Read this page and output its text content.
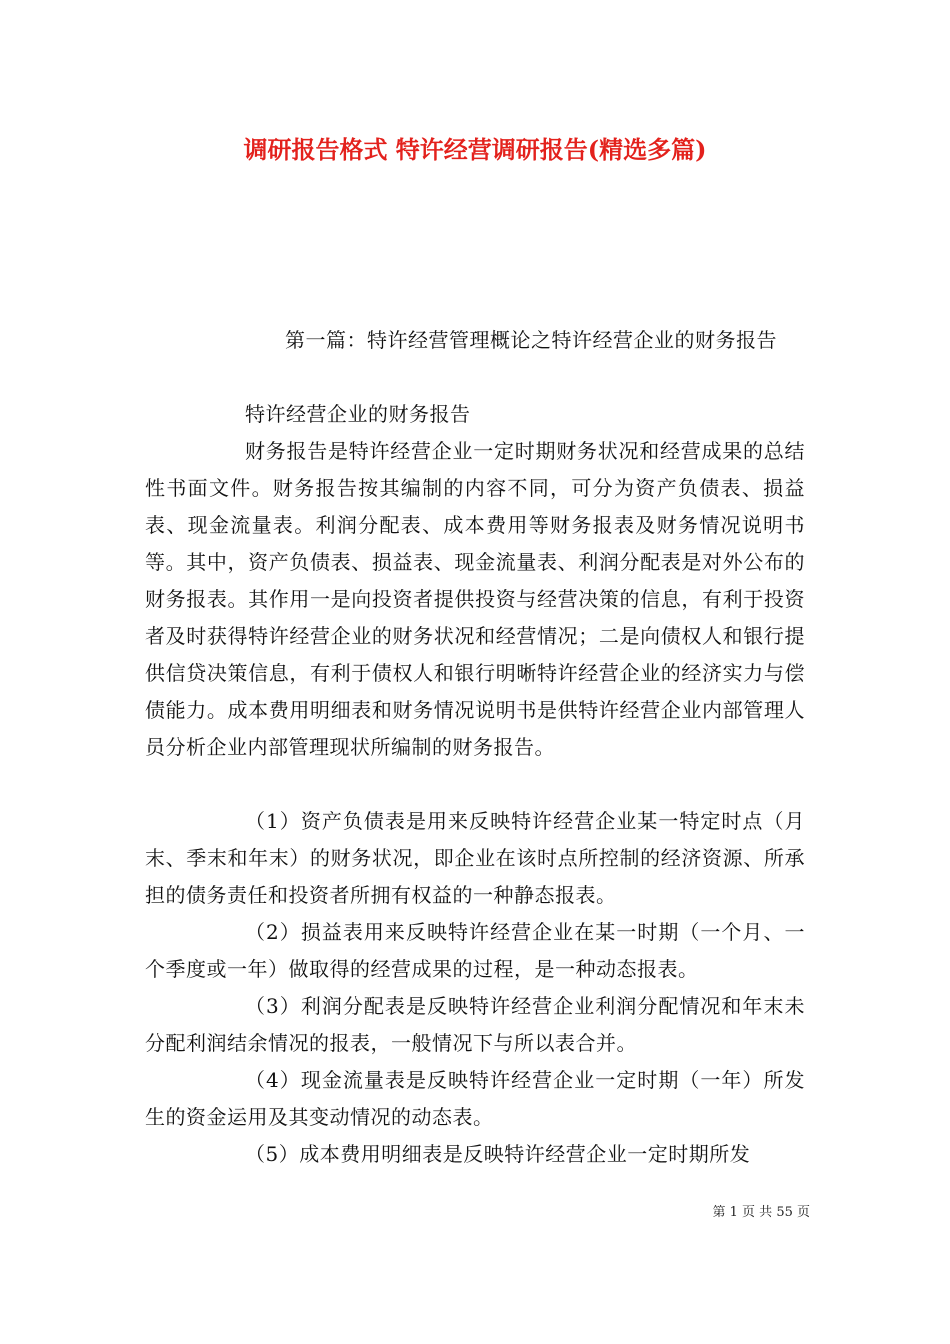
调研报告格式 特许经营调研报告(精选多篇)

第一篇：特许经营管理概论之特许经营企业的财务报告

特许经营企业的财务报告

财务报告是特许经营企业一定时期财务状况和经营成果的总结性书面文件。财务报告按其编制的内容不同，可分为资产负债表、损益表、现金流量表。利润分配表、成本费用等财务报表及财务情况说明书等。其中，资产负债表、损益表、现金流量表、利润分配表是对外公布的财务报表。其作用一是向投资者提供投资与经营决策的信息，有利于投资者及时获得特许经营企业的财务状况和经营情况；二是向债权人和银行提供信贷决策信息，有利于债权人和银行明晰特许经营企业的经济实力与偿债能力。成本费用明细表和财务情况说明书是供特许经营企业内部管理人员分析企业内部管理现状所编制的财务报告。

（1）资产负债表是用来反映特许经营企业某一特定时点（月末、季末和年末）的财务状况，即企业在该时点所控制的经济资源、所承担的债务责任和投资者所拥有权益的一种静态报表。

（2）损益表用来反映特许经营企业在某一时期（一个月、一个季度或一年）做取得的经营成果的过程，是一种动态报表。

（3）利润分配表是反映特许经营企业利润分配情况和年末未分配利润结余情况的报表，一般情况下与所以表合并。

（4）现金流量表是反映特许经营企业一定时期（一年）所发生的资金运用及其变动情况的动态表。

（5）成本费用明细表是反映特许经营企业一定时期所发

第 1 页 共 55 页
